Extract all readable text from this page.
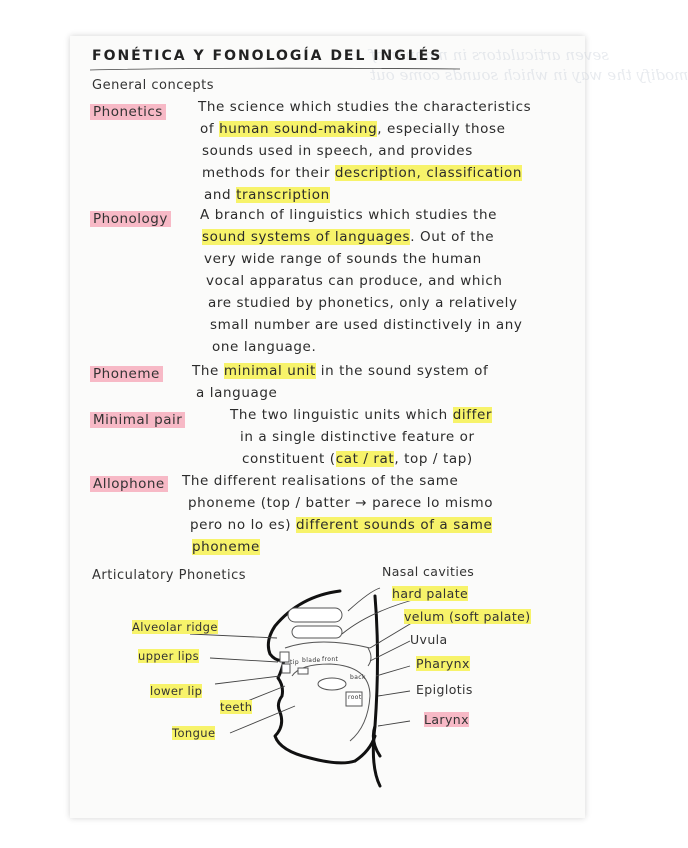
seven articulators in manner of
modify the way in which sounds come out
FONÉTICA Y FONOLOGÍA DEL INGLÉS
General concepts
Phonetics	The science which studies the characteristics
of human sound-making, especially those
sounds used in speech, and provides
methods for their description, classification
and transcription
Phonology A branch of linguistics which studies the
sound systems of languages. Out of the
very wide range of sounds the human
vocal apparatus can produce, and which
are studied by phonetics, only a relatively
small number are used distinctively in any
one language.
Phoneme The minimal unit in the sound system of
a language
Minimal pair	The two linguistic units which differ
in a single distinctive feature or
constituent (cat / rat, top / tap)
Allophone The different realisations of the same
phoneme (top / batter → parece lo mismo
pero no lo es) different sounds of a same
phoneme
Articulatory Phonetics	Nasal cavities
hard palate
velum (soft palate)
Uvula
Pharynx
Epiglotis
Larynx
Alveolar ridge
upper lips
lower lip
teeth
Tongue
tip blade front
back
root
